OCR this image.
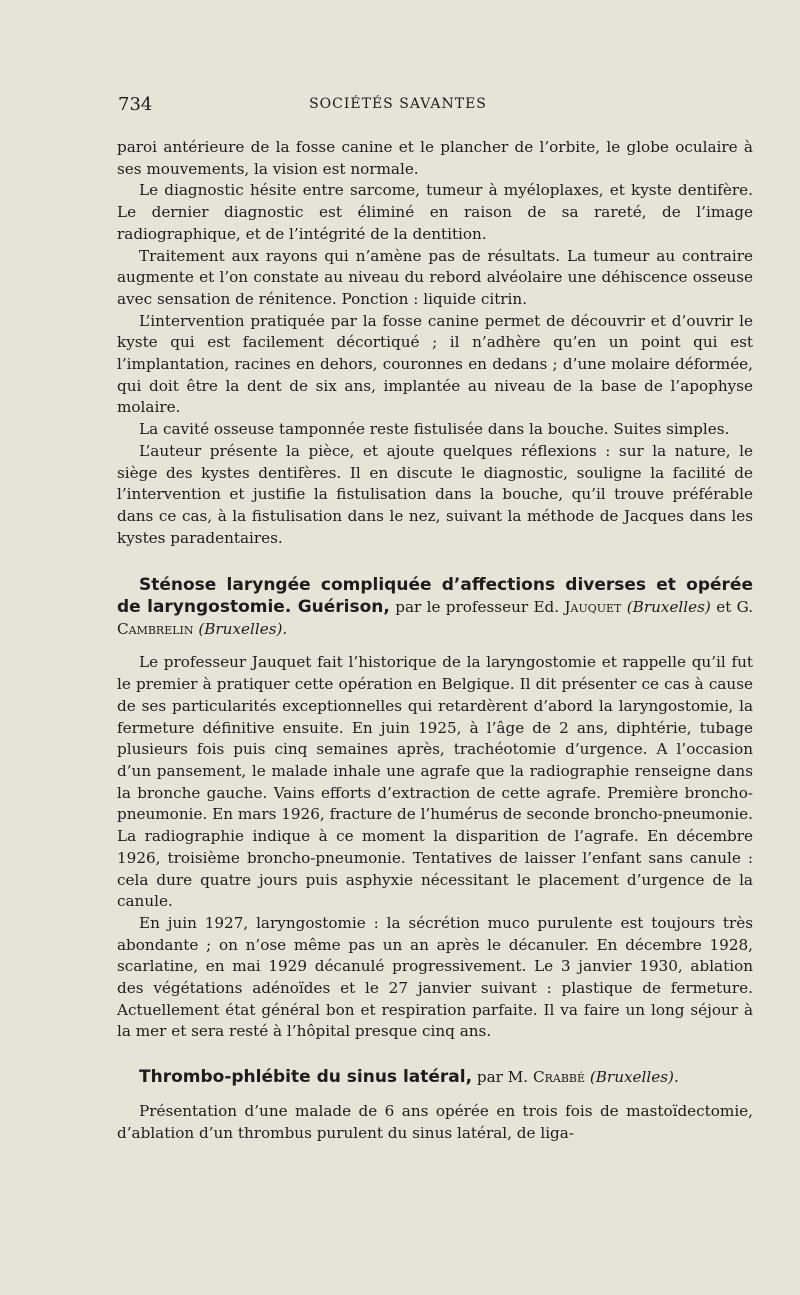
734	SOCIÉTÉS SAVANTES

paroi antérieure de la fosse canine et le plancher de l’orbite, le globe oculaire à ses mouvements, la vision est normale.

Le diagnostic hésite entre sarcome, tumeur à myéloplaxes, et kyste dentifère. Le dernier diagnostic est éliminé en raison de sa rareté, de l’image radiographique, et de l’intégrité de la dentition.

Traitement aux rayons qui n’amène pas de résultats. La tumeur au contraire augmente et l’on constate au niveau du rebord alvéolaire une déhiscence osseuse avec sensation de rénitence. Ponction : liquide citrin.

L’intervention pratiquée par la fosse canine permet de découvrir et d’ouvrir le kyste qui est facilement décortiqué ; il n’adhère qu’en un point qui est l’implantation, racines en dehors, couronnes en dedans ; d’une molaire déformée, qui doit être la dent de six ans, implantée au niveau de la base de l’apophyse molaire.

La cavité osseuse tamponnée reste fistulisée dans la bouche. Suites simples.

L’auteur présente la pièce, et ajoute quelques réflexions : sur la nature, le siège des kystes dentifères. Il en discute le diagnostic, souligne la facilité de l’intervention et justifie la fistulisation dans la bouche, qu’il trouve préférable dans ce cas, à la fistulisation dans le nez, suivant la méthode de Jacques dans les kystes paradentaires.

Sténose laryngée compliquée d’affections diverses et opérée de laryngostomie. Guérison, par le professeur Ed. Jauquet (Bruxelles) et G. Cambrelin (Bruxelles).

Le professeur Jauquet fait l’historique de la laryngostomie et rappelle qu’il fut le premier à pratiquer cette opération en Belgique. Il dit présenter ce cas à cause de ses particularités exceptionnelles qui retardèrent d’abord la laryngostomie, la fermeture définitive ensuite. En juin 1925, à l’âge de 2 ans, diphtérie, tubage plusieurs fois puis cinq semaines après, trachéotomie d’urgence. A l’occasion d’un pansement, le malade inhale une agrafe que la radiographie renseigne dans la bronche gauche. Vains efforts d’extraction de cette agrafe. Première broncho-pneumonie. En mars 1926, fracture de l’humérus de seconde broncho-pneumonie. La radiographie indique à ce moment la disparition de l’agrafe. En décembre 1926, troisième broncho-pneumonie. Tentatives de laisser l’enfant sans canule : cela dure quatre jours puis asphyxie nécessitant le placement d’urgence de la canule.

En juin 1927, laryngostomie : la sécrétion muco purulente est toujours très abondante ; on n’ose même pas un an après le décanuler. En décembre 1928, scarlatine, en mai 1929 décanulé progressivement. Le 3 janvier 1930, ablation des végétations adénoïdes et le 27 janvier suivant : plastique de fermeture. Actuellement état général bon et respiration parfaite. Il va faire un long séjour à la mer et sera resté à l’hôpital presque cinq ans.

Thrombo-phlébite du sinus latéral, par M. Crabbé (Bruxelles).

Présentation d’une malade de 6 ans opérée en trois fois de mastoïdectomie, d’ablation d’un thrombus purulent du sinus latéral, de liga-
